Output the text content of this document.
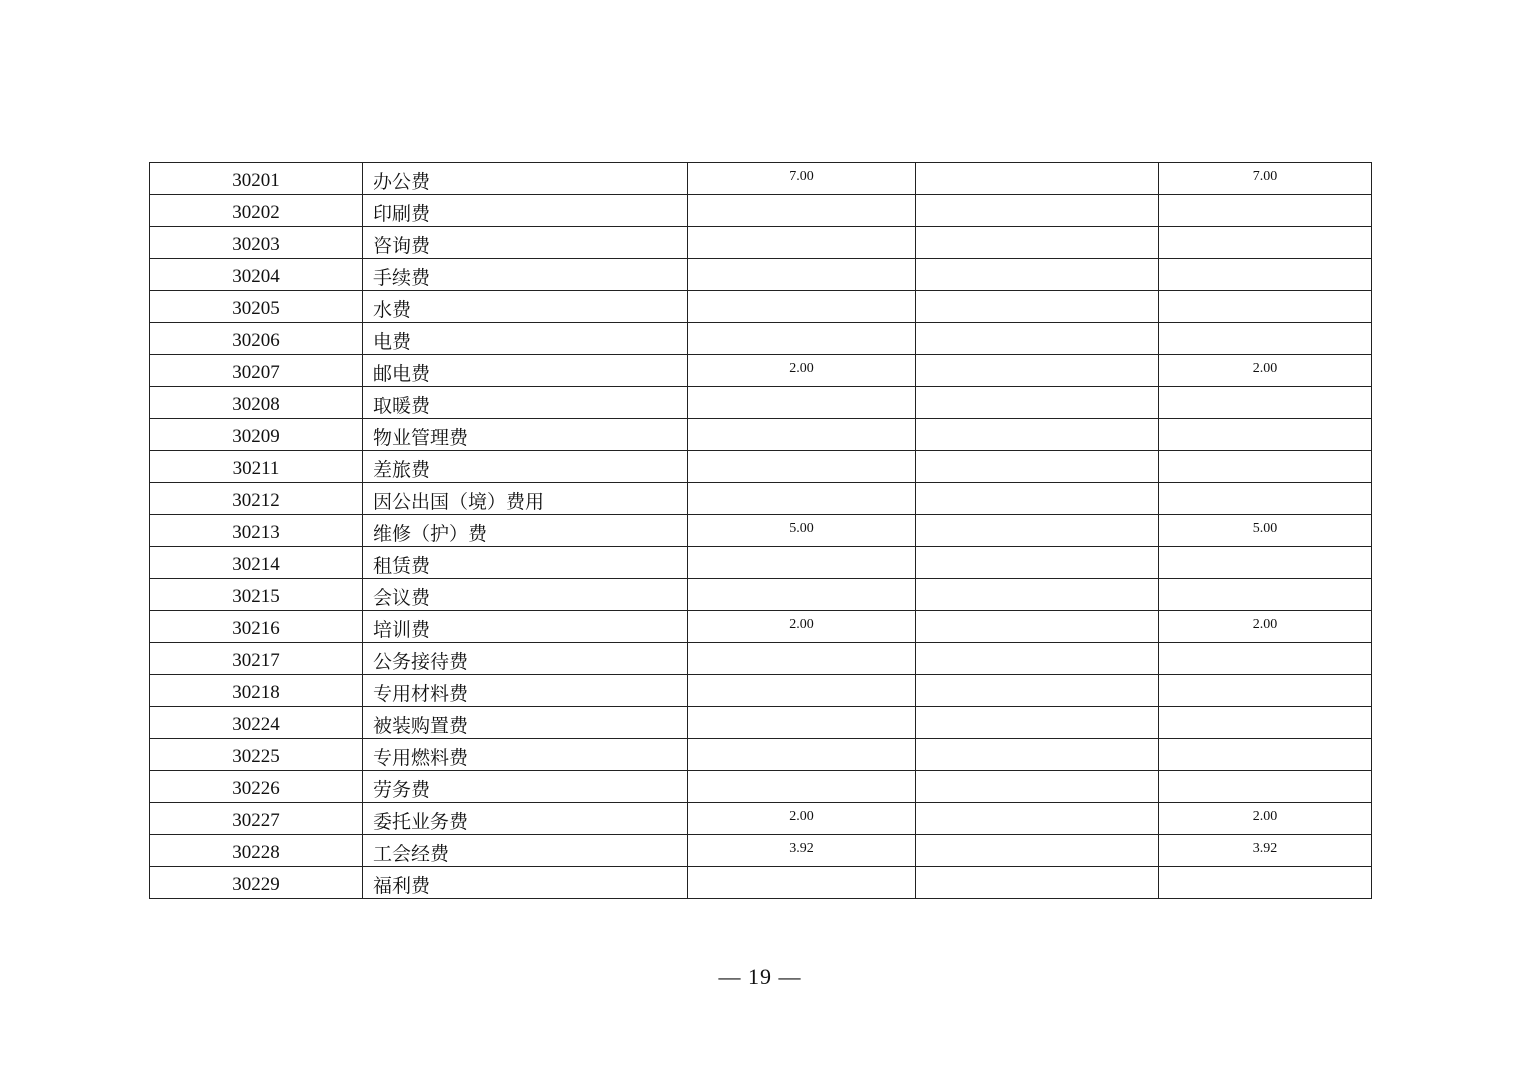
30201	办公费	7.00		7.00
30202	印刷费			
30203	咨询费			
30204	手续费			
30205	水费			
30206	电费			
30207	邮电费	2.00		2.00
30208	取暖费			
30209	物业管理费			
30211	差旅费			
30212	因公出国（境）费用			
30213	维修（护）费	5.00		5.00
30214	租赁费			
30215	会议费			
30216	培训费	2.00		2.00
30217	公务接待费			
30218	专用材料费			
30224	被装购置费			
30225	专用燃料费			
30226	劳务费			
30227	委托业务费	2.00		2.00
30228	工会经费	3.92		3.92
30229	福利费			
— 19 —
